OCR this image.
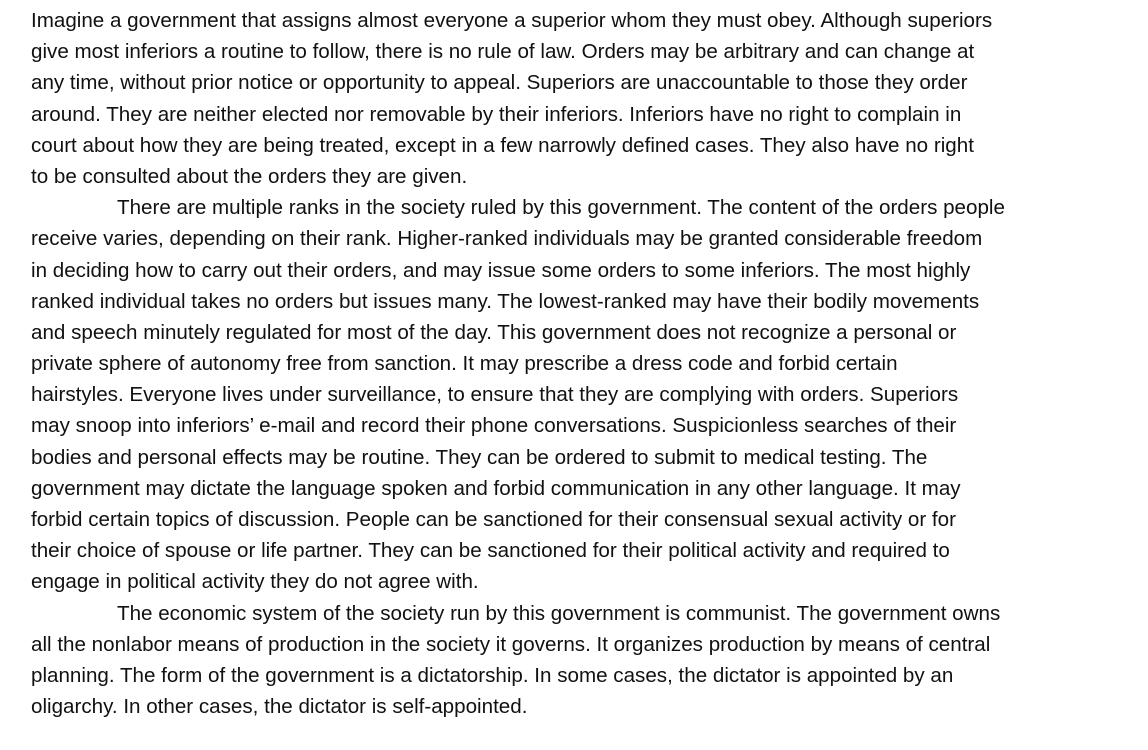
Imagine a government that assigns almost everyone a superior whom they must obey. Although superiors
give most inferiors a routine to follow, there is no rule of law. Orders may be arbitrary and can change at
any time, without prior notice or opportunity to appeal. Superiors are unaccountable to those they order
around. They are neither elected nor removable by their inferiors. Inferiors have no right to complain in
court about how they are being treated, except in a few narrowly defined cases. They also have no right
to be consulted about the orders they are given.
There are multiple ranks in the society ruled by this government. The content of the orders people
receive varies, depending on their rank. Higher-ranked individuals may be granted considerable freedom
in deciding how to carry out their orders, and may issue some orders to some inferiors. The most highly
ranked individual takes no orders but issues many. The lowest-ranked may have their bodily movements
and speech minutely regulated for most of the day. This government does not recognize a personal or
private sphere of autonomy free from sanction. It may prescribe a dress code and forbid certain
hairstyles. Everyone lives under surveillance, to ensure that they are complying with orders. Superiors
may snoop into inferiors’ e-mail and record their phone conversations. Suspicionless searches of their
bodies and personal effects may be routine. They can be ordered to submit to medical testing. The
government may dictate the language spoken and forbid communication in any other language. It may
forbid certain topics of discussion. People can be sanctioned for their consensual sexual activity or for
their choice of spouse or life partner. They can be sanctioned for their political activity and required to
engage in political activity they do not agree with.
The economic system of the society run by this government is communist. The government owns
all the nonlabor means of production in the society it governs. It organizes production by means of central
planning. The form of the government is a dictatorship. In some cases, the dictator is appointed by an
oligarchy. In other cases, the dictator is self-appointed.
